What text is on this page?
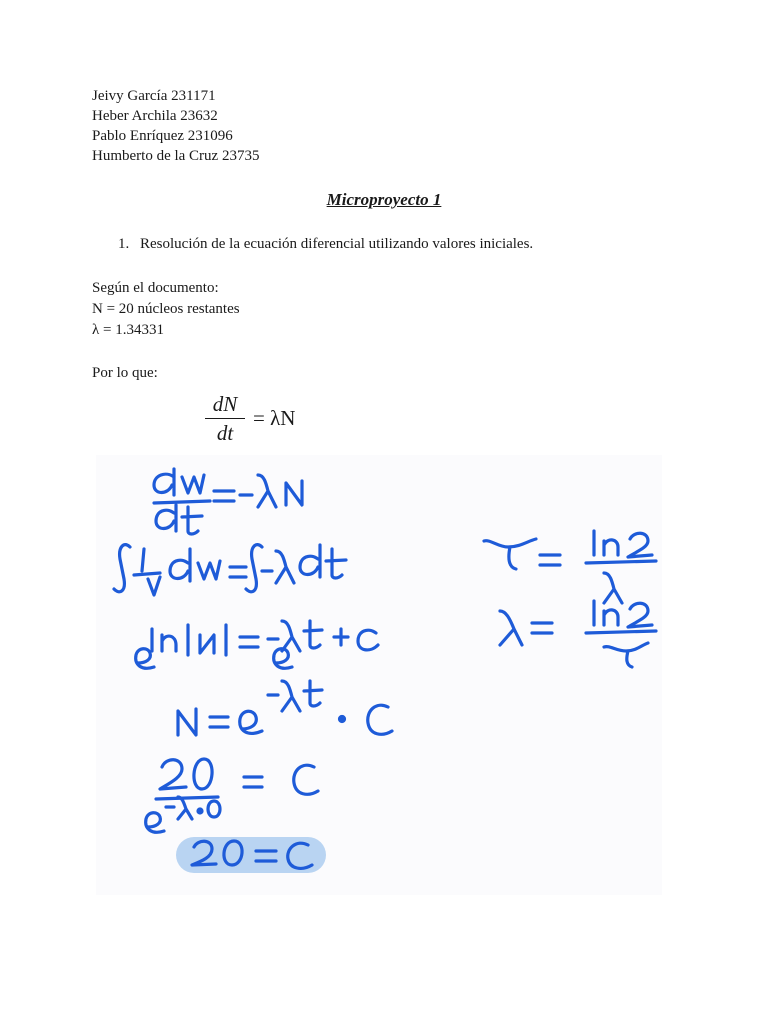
Jeivy García 231171
Heber Archila 23632
Pablo Enríquez 231096
Humberto de la Cruz 23735
Microproyecto 1
1. Resolución de la ecuación diferencial utilizando valores iniciales.
Según el documento:
N = 20 núcleos restantes
λ = 1.34331
Por lo que:
dN
dt
= λN
